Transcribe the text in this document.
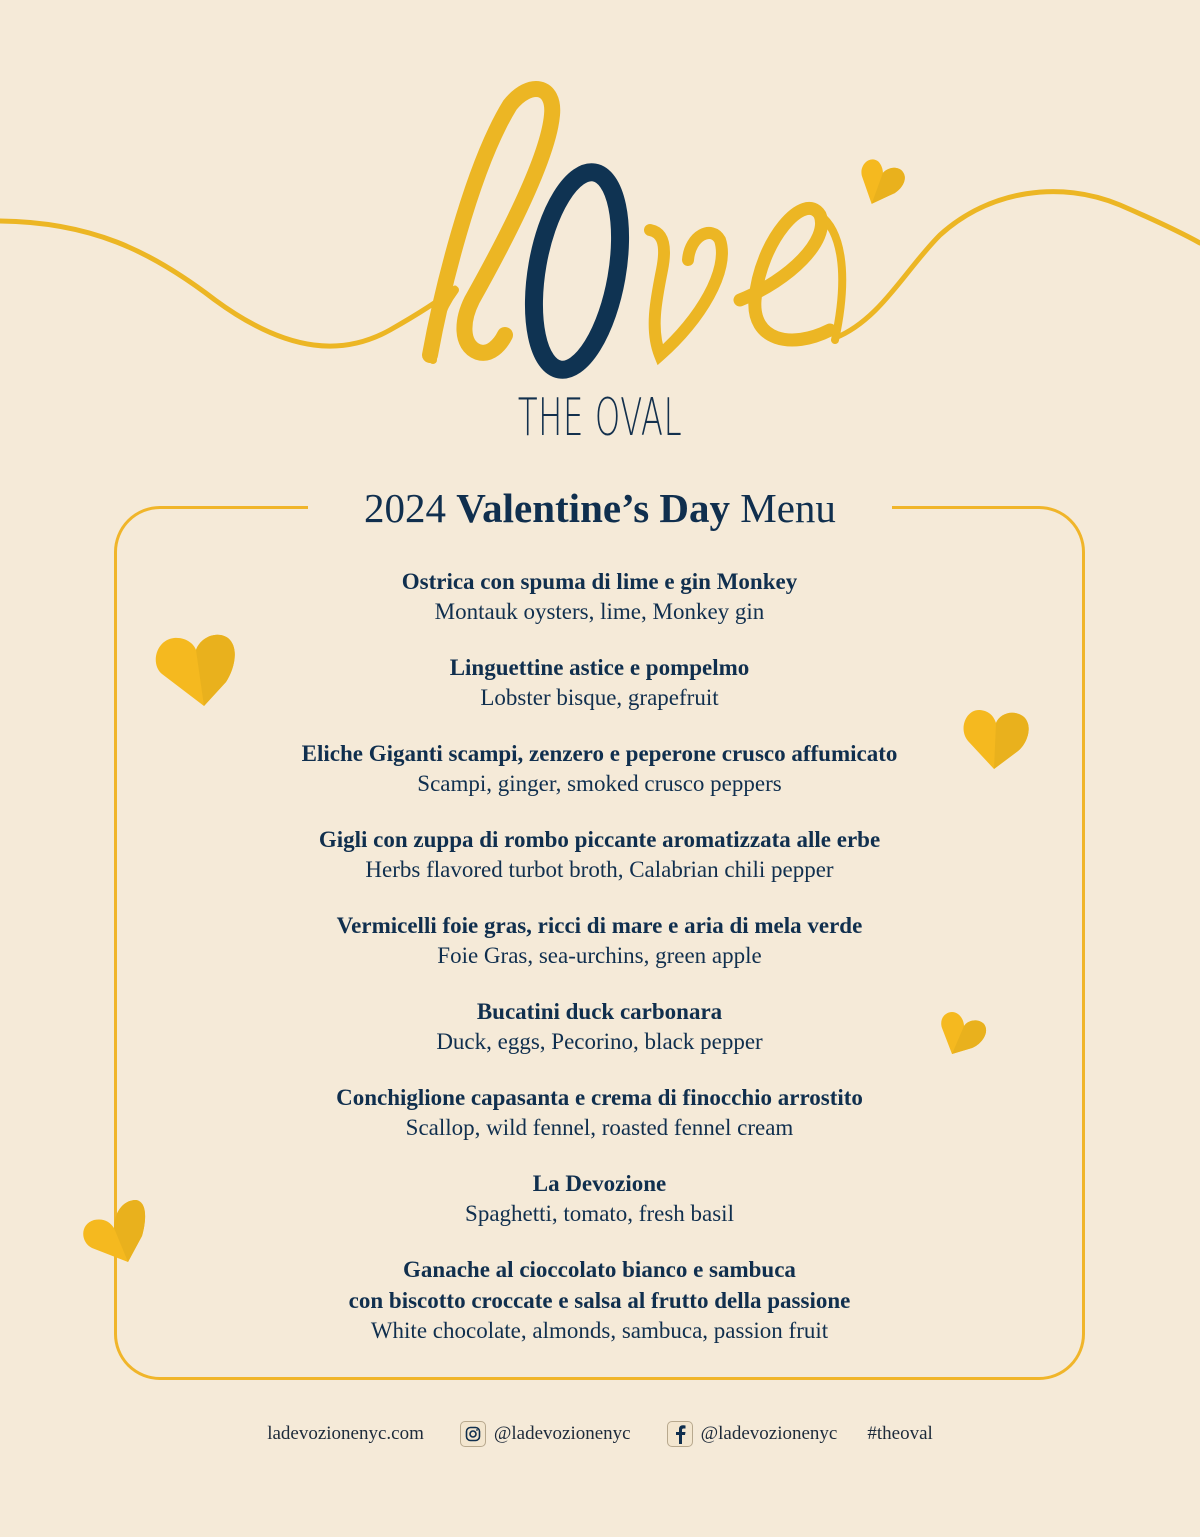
THE OVAL
2024 Valentine’s Day Menu
Ostrica con spuma di lime e gin Monkey
Montauk oysters, lime, Monkey gin
Linguettine astice e pompelmo
Lobster bisque, grapefruit
Eliche Giganti scampi, zenzero e peperone crusco affumicato
Scampi, ginger, smoked crusco peppers
Gigli con zuppa di rombo piccante aromatizzata alle erbe
Herbs flavored turbot broth, Calabrian chili pepper
Vermicelli foie gras, ricci di mare e aria di mela verde
Foie Gras, sea-urchins, green apple
Bucatini duck carbonara
Duck, eggs, Pecorino, black pepper
Conchiglione capasanta e crema di finocchio arrostito
Scallop, wild fennel, roasted fennel cream
La Devozione
Spaghetti, tomato, fresh basil
Ganache al cioccolato bianco e sambuca
con biscotto croccate e salsa al frutto della passione
White chocolate, almonds, sambuca, passion fruit
ladevozionenyc.com	@ladevozionenyc	@ladevozionenyc #theoval
